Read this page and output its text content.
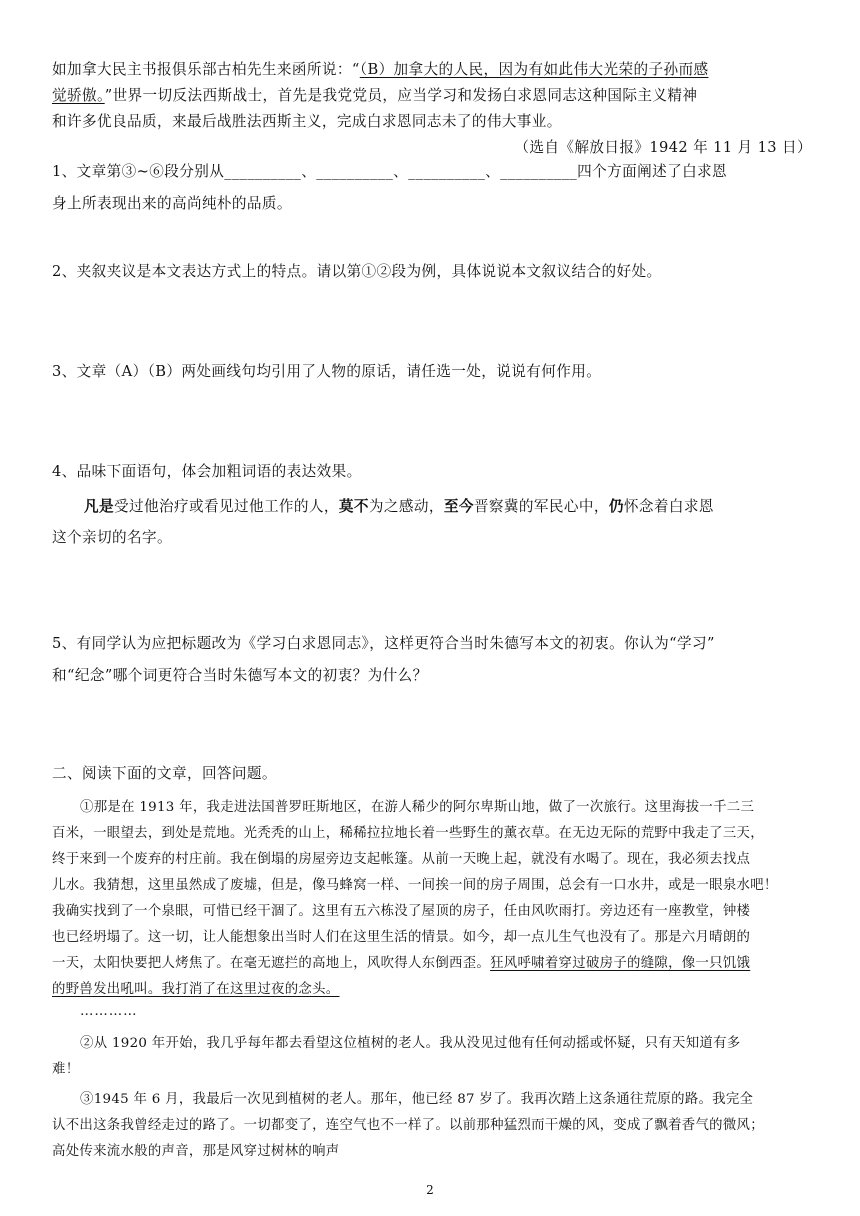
如加拿大民主书报俱乐部古柏先生来函所说：“（B）加拿大的人民，因为有如此伟大光荣的子孙而感
觉骄傲。”世界一切反法西斯战士，首先是我党党员，应当学习和发扬白求恩同志这种国际主义精神
和许多优良品质，来最后战胜法西斯主义，完成白求恩同志未了的伟大事业。
（选自《解放日报》1942 年 11 月 13 日）
1、文章第③~⑥段分别从__________、__________、__________、__________四个方面阐述了白求恩
身上所表现出来的高尚纯朴的品质。
2、夹叙夹议是本文表达方式上的特点。请以第①②段为例，具体说说本文叙议结合的好处。
3、文章（A）（B）两处画线句均引用了人物的原话，请任选一处，说说有何作用。
4、品味下面语句，体会加粗词语的表达效果。
凡是受过他治疗或看见过他工作的人，莫不为之感动，至今晋察冀的军民心中，仍怀念着白求恩
这个亲切的名字。
5、有同学认为应把标题改为《学习白求恩同志》，这样更符合当时朱德写本文的初衷。你认为“学习”
和“纪念”哪个词更符合当时朱德写本文的初衷？为什么？
二、阅读下面的文章，回答问题。
①那是在 1913 年，我走进法国普罗旺斯地区，在游人稀少的阿尔卑斯山地，做了一次旅行。这里海拔一千二三
百米，一眼望去，到处是荒地。光秃秃的山上，稀稀拉拉地长着一些野生的薰衣草。在无边无际的荒野中我走了三天，
终于来到一个废弃的村庄前。我在倒塌的房屋旁边支起帐篷。从前一天晚上起，就没有水喝了。现在，我必须去找点
儿水。我猜想，这里虽然成了废墟，但是，像马蜂窝一样、一间挨一间的房子周围，总会有一口水井，或是一眼泉水吧！
我确实找到了一个泉眼，可惜已经干涸了。这里有五六栋没了屋顶的房子，任由风吹雨打。旁边还有一座教堂，钟楼
也已经坍塌了。这一切，让人能想象出当时人们在这里生活的情景。如今，却一点儿生气也没有了。那是六月晴朗的
一天，太阳快要把人烤焦了。在毫无遮拦的高地上，风吹得人东倒西歪。狂风呼啸着穿过破房子的缝隙，像一只饥饿
的野兽发出吼叫。我打消了在这里过夜的念头。
…………
②从 1920 年开始，我几乎每年都去看望这位植树的老人。我从没见过他有任何动摇或怀疑，只有天知道有多
难！
③1945 年 6 月，我最后一次见到植树的老人。那年，他已经 87 岁了。我再次踏上这条通往荒原的路。我完全
认不出这条我曾经走过的路了。一切都变了，连空气也不一样了。以前那种猛烈而干燥的风，变成了飘着香气的微风；
高处传来流水般的声音，那是风穿过树林的响声
2
